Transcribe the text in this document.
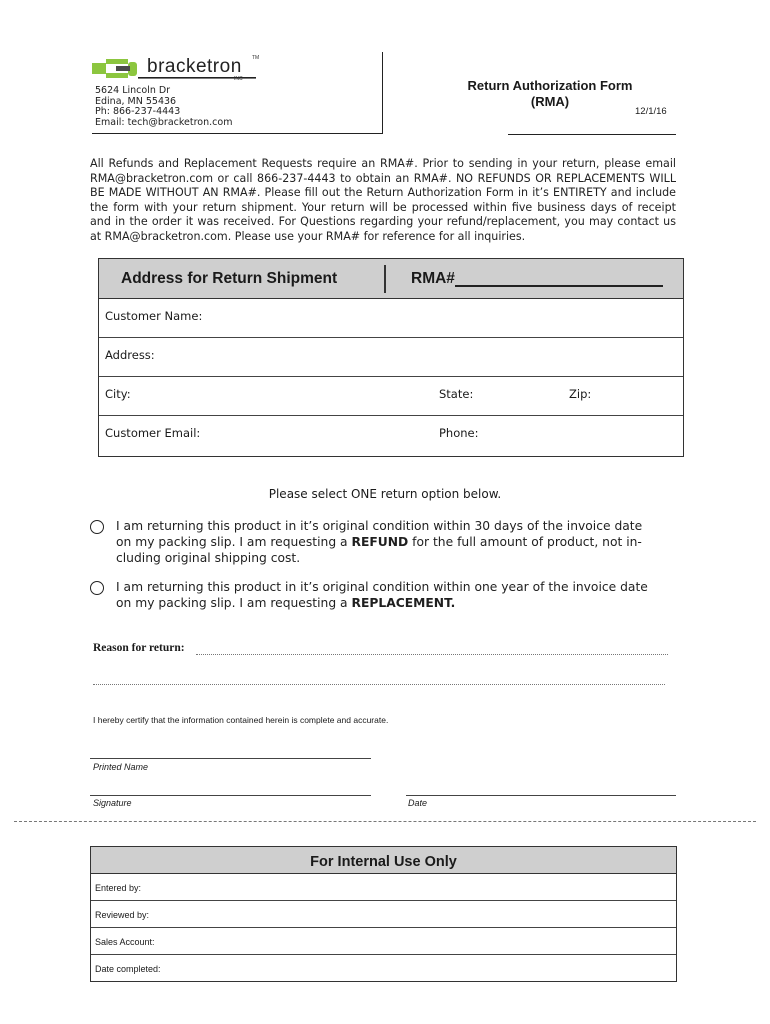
bracketron
INC
TM
5624 Lincoln Dr
Edina, MN 55436
Ph: 866-237-4443
Email: tech@bracketron.com
Return Authorization Form
(RMA)
12/1/16
All Refunds and Replacement Requests require an RMA#. Prior to sending in your return, please email RMA@bracketron.com or call 866-237-4443 to obtain an RMA#. NO REFUNDS OR REPLACEMENTS WILL BE MADE WITHOUT AN RMA#. Please fill out the Return Authorization Form in it’s ENTIRETY and include the form with your return shipment. Your return will be processed within five business days of receipt and in the order it was received. For Questions regarding your refund/replacement, you may contact us at RMA@bracketron.com. Please use your RMA# for reference for all inquiries.
Address for Return Shipment	RMA#
Customer Name:
Address:
City:	State:	Zip:
Customer Email:	Phone:
Please select ONE return option below.
I am returning this product in it’s original condition within 30 days of the invoice date
on my packing slip. I am requesting a REFUND for the full amount of product, not in-
cluding original shipping cost.
I am returning this product in it’s original condition within one year of the invoice date
on my packing slip. I am requesting a REPLACEMENT.
Reason for return:
I hereby certify that the information contained herein is complete and accurate.
Printed Name
Signature	Date
For Internal Use Only
Entered by:
Reviewed by:
Sales Account:
Date completed:
